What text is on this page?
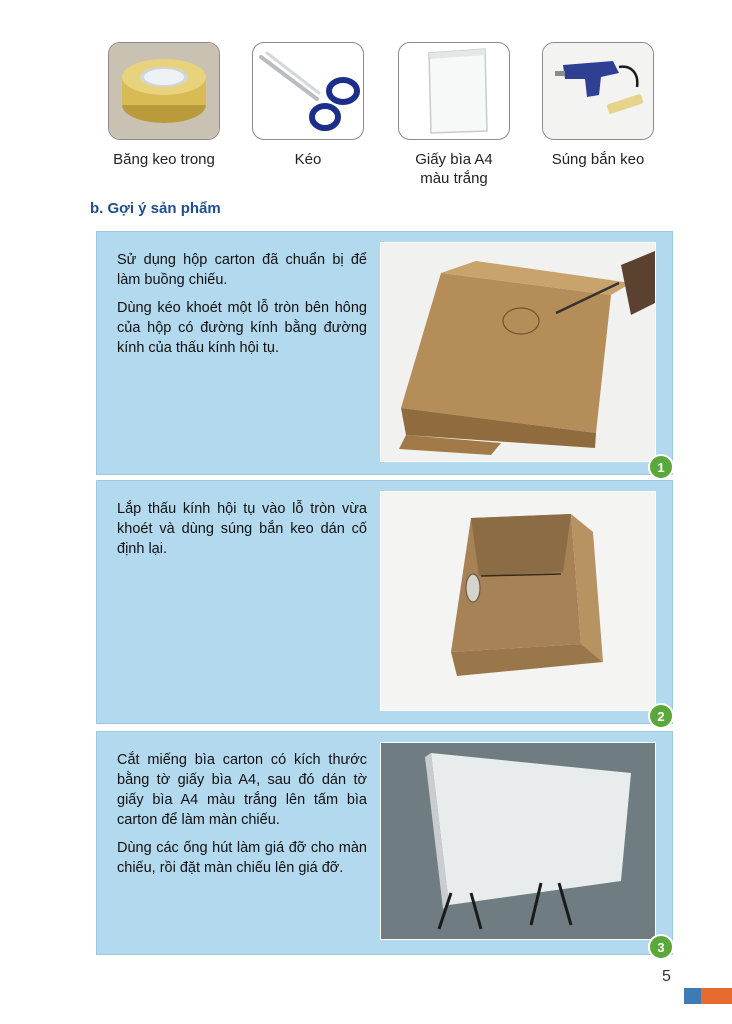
Băng keo trong	Kéo	Giấy bìa A4
màu trắng
Súng bắn keo
b. Gợi ý sản phẩm

Sử dụng hộp carton đã chuẩn bị để làm buồng chiếu.

Dùng kéo khoét một lỗ tròn bên hông của hộp có đường kính bằng đường kính của thấu kính hội tụ.

1

Lắp thấu kính hội tụ vào lỗ tròn vừa khoét và dùng súng bắn keo dán cố định lại.

2

Cắt miếng bìa carton có kích thước bằng tờ giấy bìa A4, sau đó dán tờ giấy bìa A4 màu trắng lên tấm bìa carton để làm màn chiếu.

Dùng các ống hút làm giá đỡ cho màn chiếu, rồi đặt màn chiếu lên giá đỡ.

3
5
